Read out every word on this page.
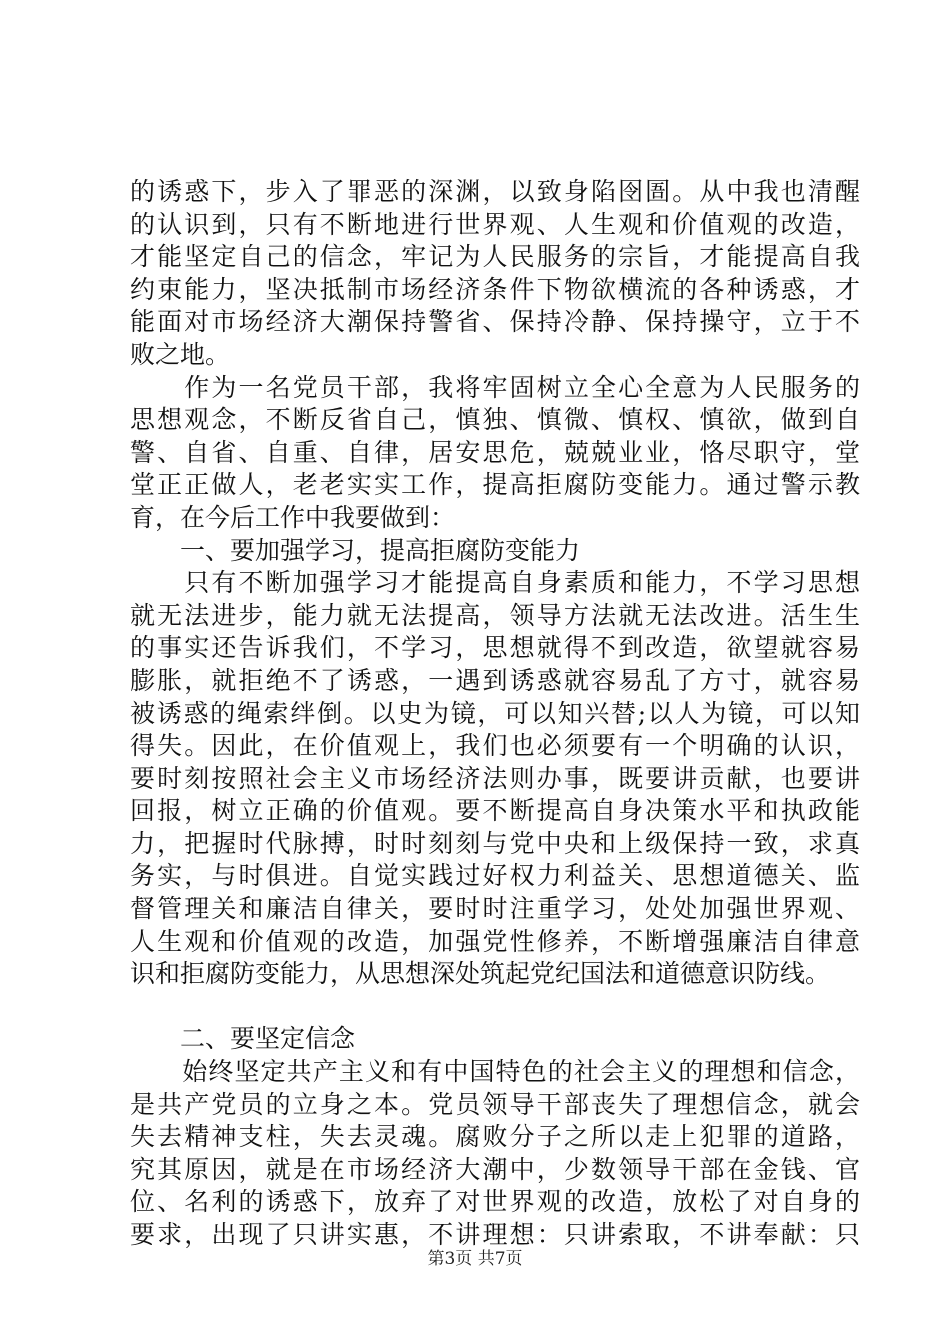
的诱惑下，步入了罪恶的深渊，以致身陷囹圄。从中我也清醒
的认识到，只有不断地进行世界观、人生观和价值观的改造，
才能坚定自己的信念，牢记为人民服务的宗旨，才能提高自我
约束能力，坚决抵制市场经济条件下物欲横流的各种诱惑，才
能面对市场经济大潮保持警省、保持冷静、保持操守，立于不
败之地。
　　作为一名党员干部，我将牢固树立全心全意为人民服务的
思想观念，不断反省自己，慎独、慎微、慎权、慎欲，做到自
警、自省、自重、自律，居安思危，兢兢业业，恪尽职守，堂
堂正正做人，老老实实工作，提高拒腐防变能力。通过警示教
育，在今后工作中我要做到：
　　一、要加强学习，提高拒腐防变能力
　　只有不断加强学习才能提高自身素质和能力，不学习思想
就无法进步，能力就无法提高，领导方法就无法改进。活生生
的事实还告诉我们，不学习，思想就得不到改造，欲望就容易
膨胀，就拒绝不了诱惑，一遇到诱惑就容易乱了方寸，就容易
被诱惑的绳索绊倒。以史为镜，可以知兴替;以人为镜，可以知
得失。因此，在价值观上，我们也必须要有一个明确的认识，
要时刻按照社会主义市场经济法则办事，既要讲贡献，也要讲
回报，树立正确的价值观。要不断提高自身决策水平和执政能
力，把握时代脉搏，时时刻刻与党中央和上级保持一致，求真
务实，与时俱进。自觉实践过好权力利益关、思想道德关、监
督管理关和廉洁自律关，要时时注重学习，处处加强世界观、
人生观和价值观的改造，加强党性修养，不断增强廉洁自律意
识和拒腐防变能力，从思想深处筑起党纪国法和道德意识防线。
　　二、要坚定信念
　　始终坚定共产主义和有中国特色的社会主义的理想和信念，
是共产党员的立身之本。党员领导干部丧失了理想信念，就会
失去精神支柱，失去灵魂。腐败分子之所以走上犯罪的道路，
究其原因，就是在市场经济大潮中，少数领导干部在金钱、官
位、名利的诱惑下，放弃了对世界观的改造，放松了对自身的
要求，出现了只讲实惠，不讲理想：只讲索取，不讲奉献：只
第3页 共7页
